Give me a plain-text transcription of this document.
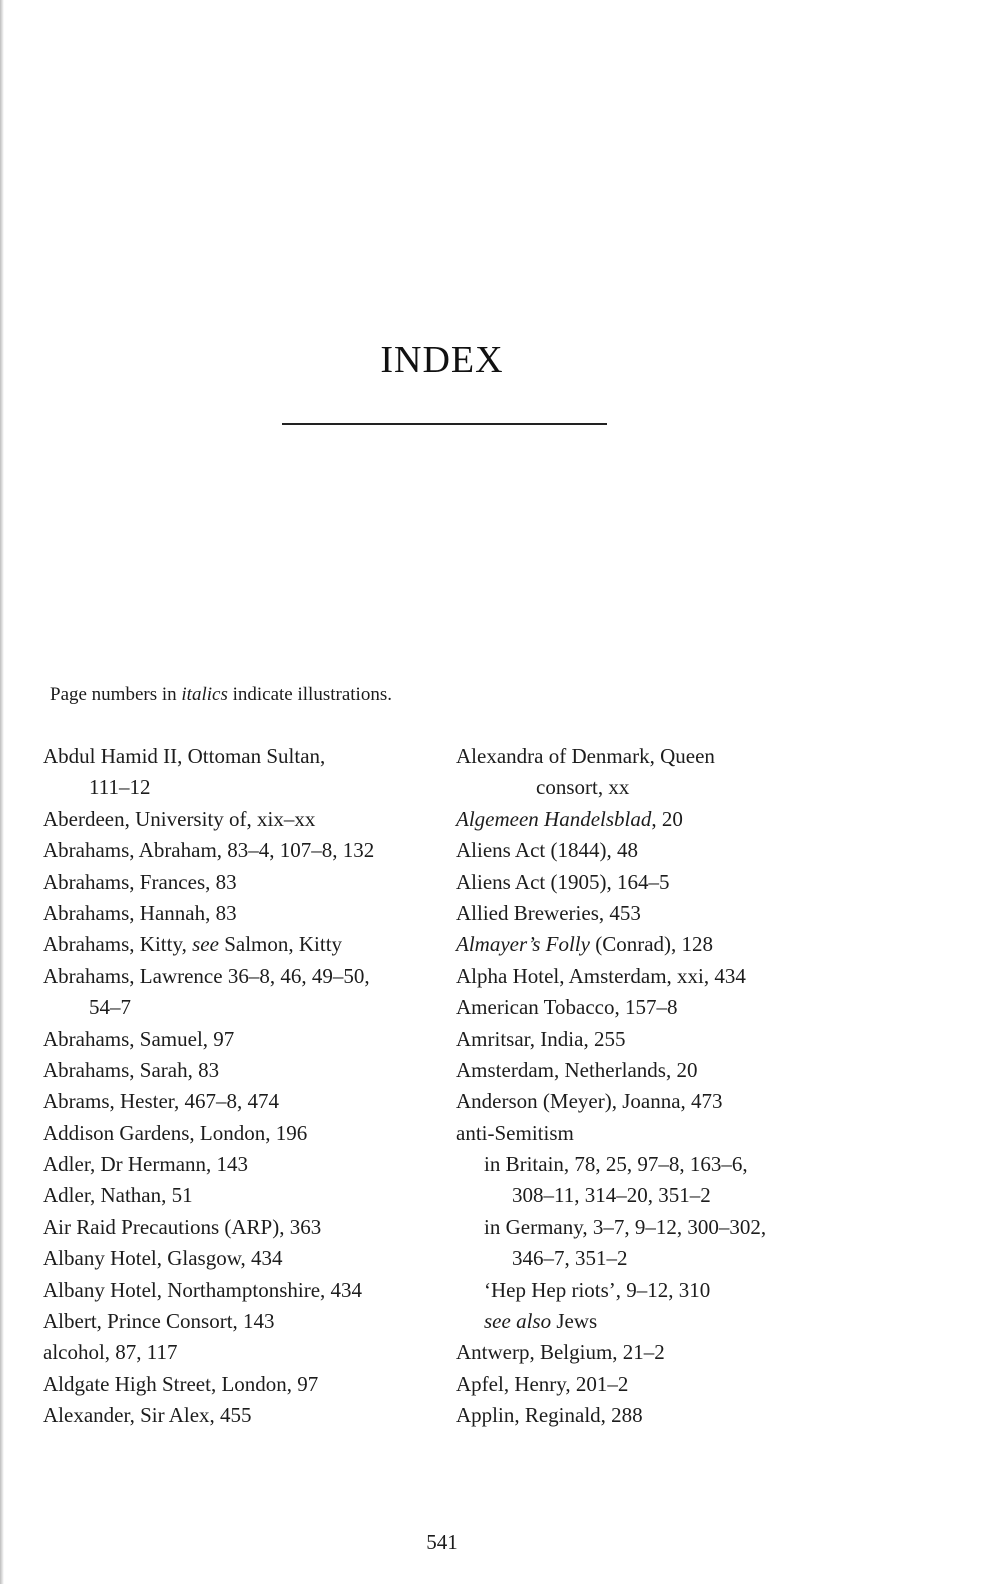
INDEX
Page numbers in italics indicate illustrations.
Abdul Hamid II, Ottoman Sultan,
111–12
Aberdeen, University of, xix–xx
Abrahams, Abraham, 83–4, 107–8, 132
Abrahams, Frances, 83
Abrahams, Hannah, 83
Abrahams, Kitty, see Salmon, Kitty
Abrahams, Lawrence 36–8, 46, 49–50,
54–7
Abrahams, Samuel, 97
Abrahams, Sarah, 83
Abrams, Hester, 467–8, 474
Addison Gardens, London, 196
Adler, Dr Hermann, 143
Adler, Nathan, 51
Air Raid Precautions (ARP), 363
Albany Hotel, Glasgow, 434
Albany Hotel, Northamptonshire, 434
Albert, Prince Consort, 143
alcohol, 87, 117
Aldgate High Street, London, 97
Alexander, Sir Alex, 455
Alexandra of Denmark, Queen
consort, xx
Algemeen Handelsblad, 20
Aliens Act (1844), 48
Aliens Act (1905), 164–5
Allied Breweries, 453
Almayer’s Folly (Conrad), 128
Alpha Hotel, Amsterdam, xxi, 434
American Tobacco, 157–8
Amritsar, India, 255
Amsterdam, Netherlands, 20
Anderson (Meyer), Joanna, 473
anti-Semitism
in Britain, 78, 25, 97–8, 163–6,
308–11, 314–20, 351–2
in Germany, 3–7, 9–12, 300–302,
346–7, 351–2
‘Hep Hep riots’, 9–12, 310
see also Jews
Antwerp, Belgium, 21–2
Apfel, Henry, 201–2
Applin, Reginald, 288
541
